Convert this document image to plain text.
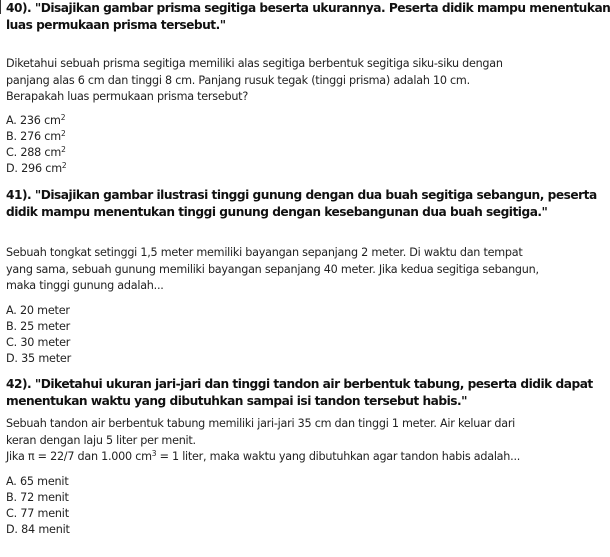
40). "Disajikan gambar prisma segitiga beserta ukurannya. Peserta didik mampu menentukan
luas permukaan prisma tersebut."
Diketahui sebuah prisma segitiga memiliki alas segitiga berbentuk segitiga siku-siku dengan
panjang alas 6 cm dan tinggi 8 cm. Panjang rusuk tegak (tinggi prisma) adalah 10 cm.
Berapakah luas permukaan prisma tersebut?
A. 236 $cm^2$
B. 276 $cm^2$
C. 288 $cm^2$
D. 296 $cm^2$
41). "Disajikan gambar ilustrasi tinggi gunung dengan dua buah segitiga sebangun, peserta
didik mampu menentukan tinggi gunung dengan kesebangunan dua buah segitiga."
Sebuah tongkat setinggi 1,5 meter memiliki bayangan sepanjang 2 meter. Di waktu dan tempat
yang sama, sebuah gunung memiliki bayangan sepanjang 40 meter. Jika kedua segitiga sebangun,
maka tinggi gunung adalah...
A. 20 meter
B. 25 meter
C. 30 meter
D. 35 meter
42). "Diketahui ukuran jari-jari dan tinggi tandon air berbentuk tabung, peserta didik dapat
menentukan waktu yang dibutuhkan sampai isi tandon tersebut habis."
Sebuah tandon air berbentuk tabung memiliki jari-jari 35 cm dan tinggi 1 meter. Air keluar dari
keran dengan laju 5 liter per menit.
Jika π = 22/7 dan 1.000 $cm^3 = 1$ liter, maka waktu yang dibutuhkan agar tandon habis adalah...
A. 65 menit
B. 72 menit
C. 77 menit
D. 84 menit
